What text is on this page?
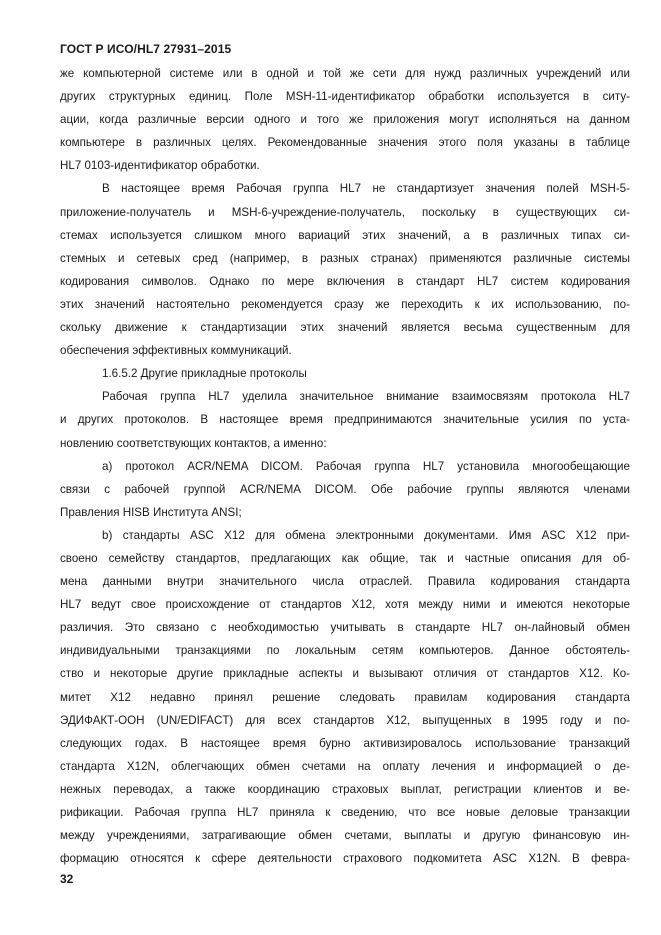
ГОСТ Р ИСО/HL7 27931–2015

же компьютерной системе или в одной и той же сети для нужд различных учреждений или

других структурных единиц. Поле MSH-11-идентификатор обработки используется в ситу-

ации, когда различные версии одного и того же приложения могут исполняться на данном

компьютере в различных целях. Рекомендованные значения этого поля указаны в таблице

HL7 0103-идентификатор обработки.

В настоящее время Рабочая группа HL7 не стандартизует значения полей MSH-5-

приложение-получатель и MSH-6-учреждение-получатель, поскольку в существующих си-

стемах используется слишком много вариаций этих значений, а в различных типах си-

стемных и сетевых сред (например, в разных странах) применяются различные системы

кодирования символов. Однако по мере включения в стандарт HL7 систем кодирования

этих значений настоятельно рекомендуется сразу же переходить к их использованию, по-

скольку движение к стандартизации этих значений является весьма существенным для

обеспечения эффективных коммуникаций.

1.6.5.2 Другие прикладные протоколы

Рабочая группа HL7 уделила значительное внимание взаимосвязям протокола HL7

и других протоколов. В настоящее время предпринимаются значительные усилия по уста-

новлению соответствующих контактов, а именно:

a) протокол ACR/NEMA DICOM. Рабочая группа HL7 установила многообещающие

связи с рабочей группой ACR/NEMA DICOM. Обе рабочие группы являются членами

Правления HISB Института ANSI;

b) стандарты ASC X12 для обмена электронными документами. Имя ASC X12 при-

своено семейству стандартов, предлагающих как общие, так и частные описания для об-

мена данными внутри значительного числа отраслей. Правила кодирования стандарта

HL7 ведут свое происхождение от стандартов X12, хотя между ними и имеются некоторые

различия. Это связано с необходимостью учитывать в стандарте HL7 он-лайновый обмен

индивидуальными транзакциями по локальным сетям компьютеров. Данное обстоятель-

ство и некоторые другие прикладные аспекты и вызывают отличия от стандартов X12. Ко-

митет X12 недавно принял решение следовать правилам кодирования стандарта

ЭДИФАКТ-ООН (UN/EDIFACT) для всех стандартов X12, выпущенных в 1995 году и по-

следующих годах. В настоящее время бурно активизировалось использование транзакций

стандарта X12N, облегчающих обмен счетами на оплату лечения и информацией о де-

нежных переводах, а также координацию страховых выплат, регистрации клиентов и ве-

рификации. Рабочая группа HL7 приняла к сведению, что все новые деловые транзакции

между учреждениями, затрагивающие обмен счетами, выплаты и другую финансовую ин-

формацию относятся к сфере деятельности страхового подкомитета ASC X12N. В февра-

32
